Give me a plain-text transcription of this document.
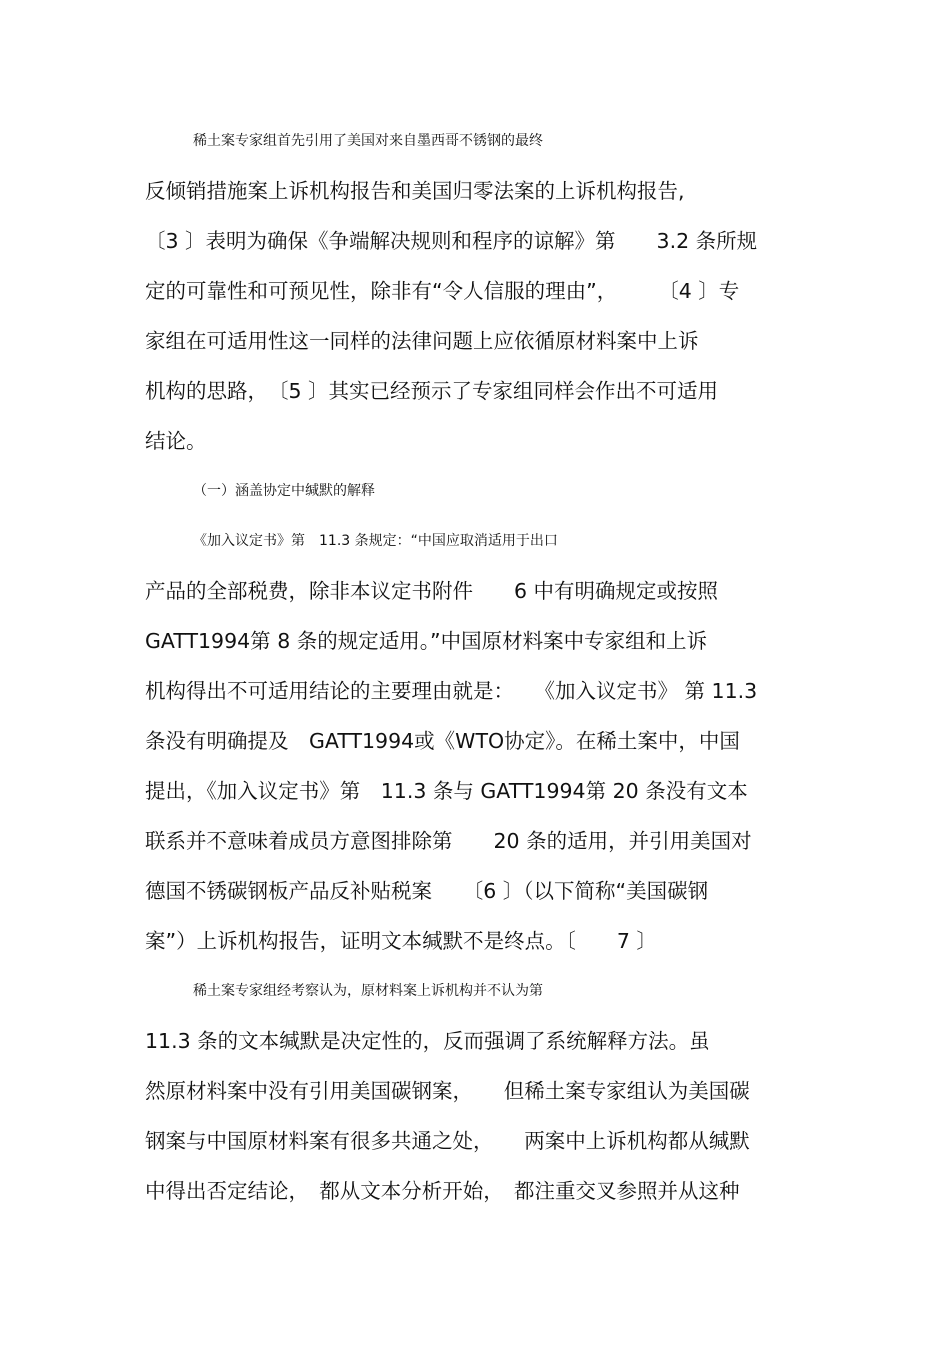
稀土案专家组首先引用了美国对来自墨西哥不锈钢的最终
反倾销措施案上诉机构报告和美国归零法案的上诉机构报告,
〔3 〕表明为确保《争端解决规则和程序的谅解》第　　3.2 条所规
定的可靠性和可预见性，除非有“令人信服的理由”，　　　〔4 〕专
家组在可适用性这一同样的法律问题上应依循原材料案中上诉
机构的思路，　〔5 〕其实已经预示了专家组同样会作出不可适用
结论。
（一）涵盖协定中缄默的解释
《加入议定书》第　11.3 条规定：“中国应取消适用于出口
产品的全部税费，除非本议定书附件　　6 中有明确规定或按照
GATT1994第 8 条的规定适用。”中国原材料案中专家组和上诉
机构得出不可适用结论的主要理由就是：　　《加入议定书》 第 11.3
条没有明确提及　GATT1994或《WTO协定》。在稀土案中，中国
提出，《加入议定书》第　11.3 条与 GATT1994第 20 条没有文本
联系并不意味着成员方意图排除第　　20 条的适用，并引用美国对
德国不锈碳钢板产品反补贴税案　　〔6 〕（以下简称“美国碳钢
案”）上诉机构报告，证明文本缄默不是终点。〔　　7 〕
稀土案专家组经考察认为，原材料案上诉机构并不认为第
11.3 条的文本缄默是决定性的，反而强调了系统解释方法。虽
然原材料案中没有引用美国碳钢案，　　但稀土案专家组认为美国碳
钢案与中国原材料案有很多共通之处，　　两案中上诉机构都从缄默
中得出否定结论，　都从文本分析开始，　都注重交叉参照并从这种
